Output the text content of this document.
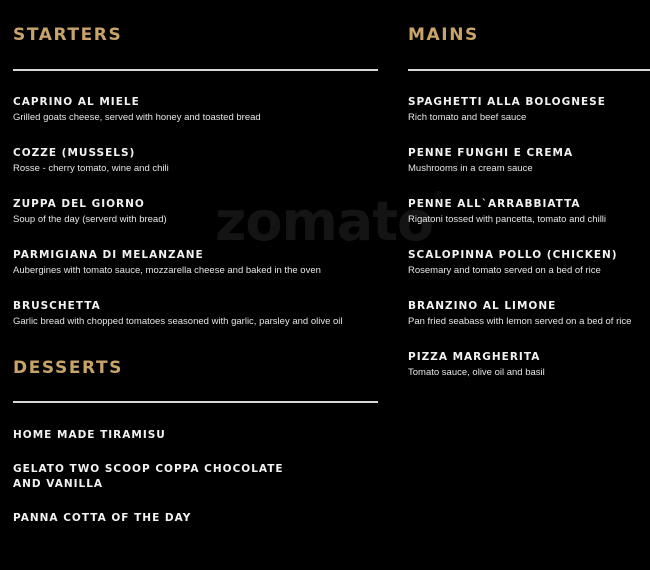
zomato®
STARTERS
CAPRINO AL MIELE
Grilled goats cheese, served with honey and toasted bread
COZZE (MUSSELS)
Rosse - cherry tomato, wine and chili
ZUPPA DEL GIORNO
Soup of the day (serverd with bread)
PARMIGIANA DI MELANZANE
Aubergines with tomato sauce, mozzarella cheese and baked in the oven
BRUSCHETTA
Garlic bread with chopped tomatoes seasoned with garlic, parsley and olive oil
DESSERTS
HOME MADE TIRAMISU
GELATO TWO SCOOP COPPA CHOCOLATE AND VANILLA
PANNA COTTA OF THE DAY
MAINS
SPAGHETTI ALLA BOLOGNESE
Rich tomato and beef sauce
PENNE FUNGHI E CREMA
Mushrooms in a cream sauce
PENNE ALL`ARRABBIATTA
Rigatoni tossed with pancetta, tomato and chilli
SCALOPINNA POLLO (CHICKEN)
Rosemary and tomato served on a bed of rice
BRANZINO AL LIMONE
Pan fried seabass with lemon served on a bed of rice
PIZZA MARGHERITA
Tomato sauce, olive oil and basil
